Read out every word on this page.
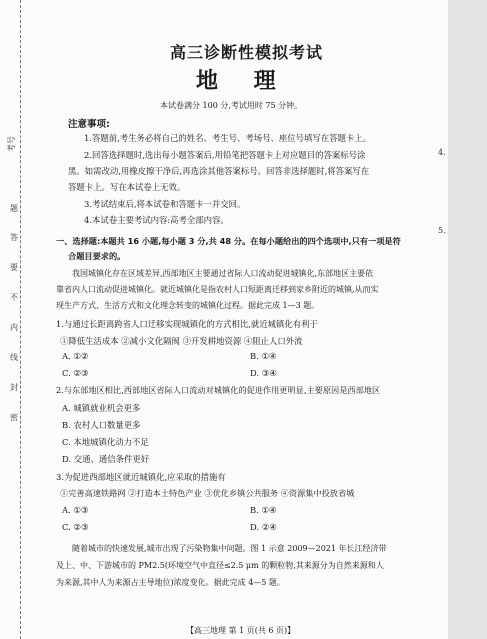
考号
题
答
要
不
内
线
封
密
高三诊断性模拟考试
地 理
本试卷满分 100 分,考试用时 75 分钟。
注意事项:
1.答题前,考生务必将自己的姓名、考生号、考场号、座位号填写在答题卡上。
2.回答选择题时,选出每小题答案后,用铅笔把答题卡上对应题目的答案标号涂
黑。如需改动,用橡皮擦干净后,再选涂其他答案标号。回答非选择题时,将答案写在
答题卡上。写在本试卷上无效。
3.考试结束后,将本试卷和答题卡一并交回。
4.本试卷主要考试内容:高考全部内容。
一、选择题:本题共 16 小题,每小题 3 分,共 48 分。在每小题给出的四个选项中,只有一项是符
合题目要求的。
我国城镇化存在区域差异,西部地区主要通过省际人口流动促进城镇化,东部地区主要依
靠省内人口流动促进城镇化。就近城镇化是指农村人口短距离迁移到家乡附近的城镇,从而实
现生产方式、生活方式和文化理念转变的城镇化过程。据此完成 1—3 题。
1.与通过长距离跨省人口迁移实现城镇化的方式相比,就近城镇化有利于
①降低生活成本 ②减小文化隔阂 ③开发耕地资源 ④阻止人口外流
A. ①②	B. ①④
C. ②③	D. ③④
2.与东部地区相比,西部地区省际人口流动对城镇化的促进作用更明显,主要原因是西部地区
A. 城镇就业机会更多
B. 农村人口数量更多
C. 本地城镇化动力不足
D. 交通、通信条件更好
3.为促进西部地区就近城镇化,应采取的措施有
①完善高速铁路网 ②打造本土特色产业 ③优化乡镇公共服务 ④资源集中投放省城
A. ①③	B. ①④
C. ②③	D. ②④
随着城市的快速发展,城市出现了污染物集中问题。图 1 示意 2009—2021 年长江经济带
及上、中、下游城市的 PM2.5(环境空气中直径≤2.5 μm 的颗粒物,其来源分为自然来源和人
为来源,其中人为来源占主导地位)浓度变化。据此完成 4—5 题。
【高三地理 第 1 页(共 6 页)】
4.
5.
